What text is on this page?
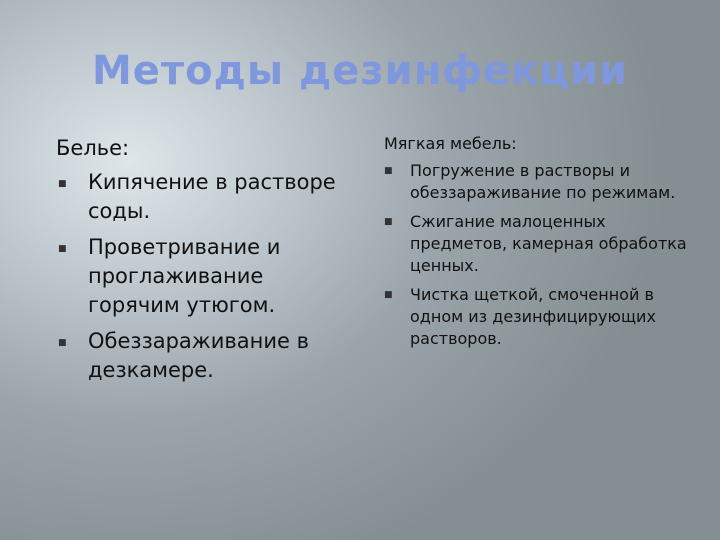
Методы дезинфекции

Белье:

■ Кипячение в растворе соды.
■ Проветривание и проглаживание горячим утюгом.
■ Обеззараживание в дезкамере.

Мягкая мебель:

■ Погружение в растворы и обеззараживание по режимам.
■ Сжигание малоценных предметов, камерная обработка ценных.
■ Чистка щеткой, смоченной в одном из дезинфицирующих растворов.
